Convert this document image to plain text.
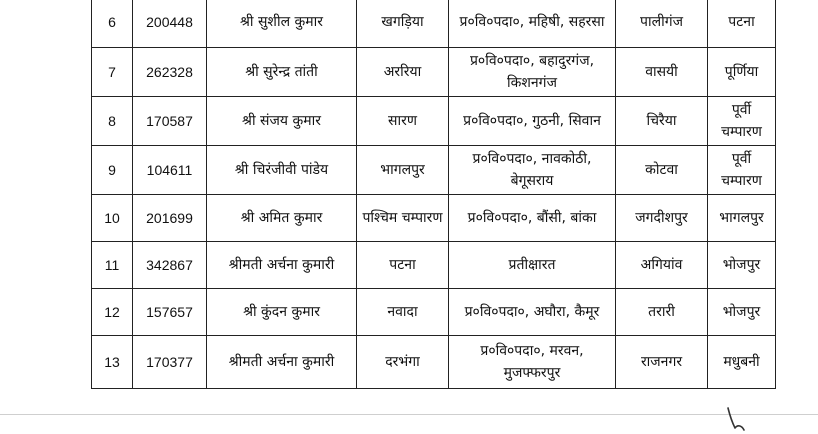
6	200448	श्री सुशील कुमार	खगड़िया	प्र०वि०पदा०, महिषी, सहरसा	पालीगंज	पटना
7	262328	श्री सुरेन्द्र तांती	अररिया	प्र०वि०पदा०, बहादुरगंज, किशनगंज	वासयी	पूर्णिया
8	170587	श्री संजय कुमार	सारण	प्र०वि०पदा०, गुठनी, सिवान	चिरैया	पूर्वी चम्पारण
9	104611	श्री चिरंजीवी पांडेय	भागलपुर	प्र०वि०पदा०, नावकोठी, बेगूसराय	कोटवा	पूर्वी चम्पारण
10	201699	श्री अमित कुमार	पश्चिम चम्पारण	प्र०वि०पदा०, बौंसी, बांका	जगदीशपुर	भागलपुर
11	342867	श्रीमती अर्चना कुमारी	पटना	प्रतीक्षारत	अगियांव	भोजपुर
12	157657	श्री कुंदन कुमार	नवादा	प्र०वि०पदा०, अघौरा, कैमूर	तरारी	भोजपुर
13	170377	श्रीमती अर्चना कुमारी	दरभंगा	प्र०वि०पदा०, मरवन, मुजफ्फरपुर	राजनगर	मधुबनी
